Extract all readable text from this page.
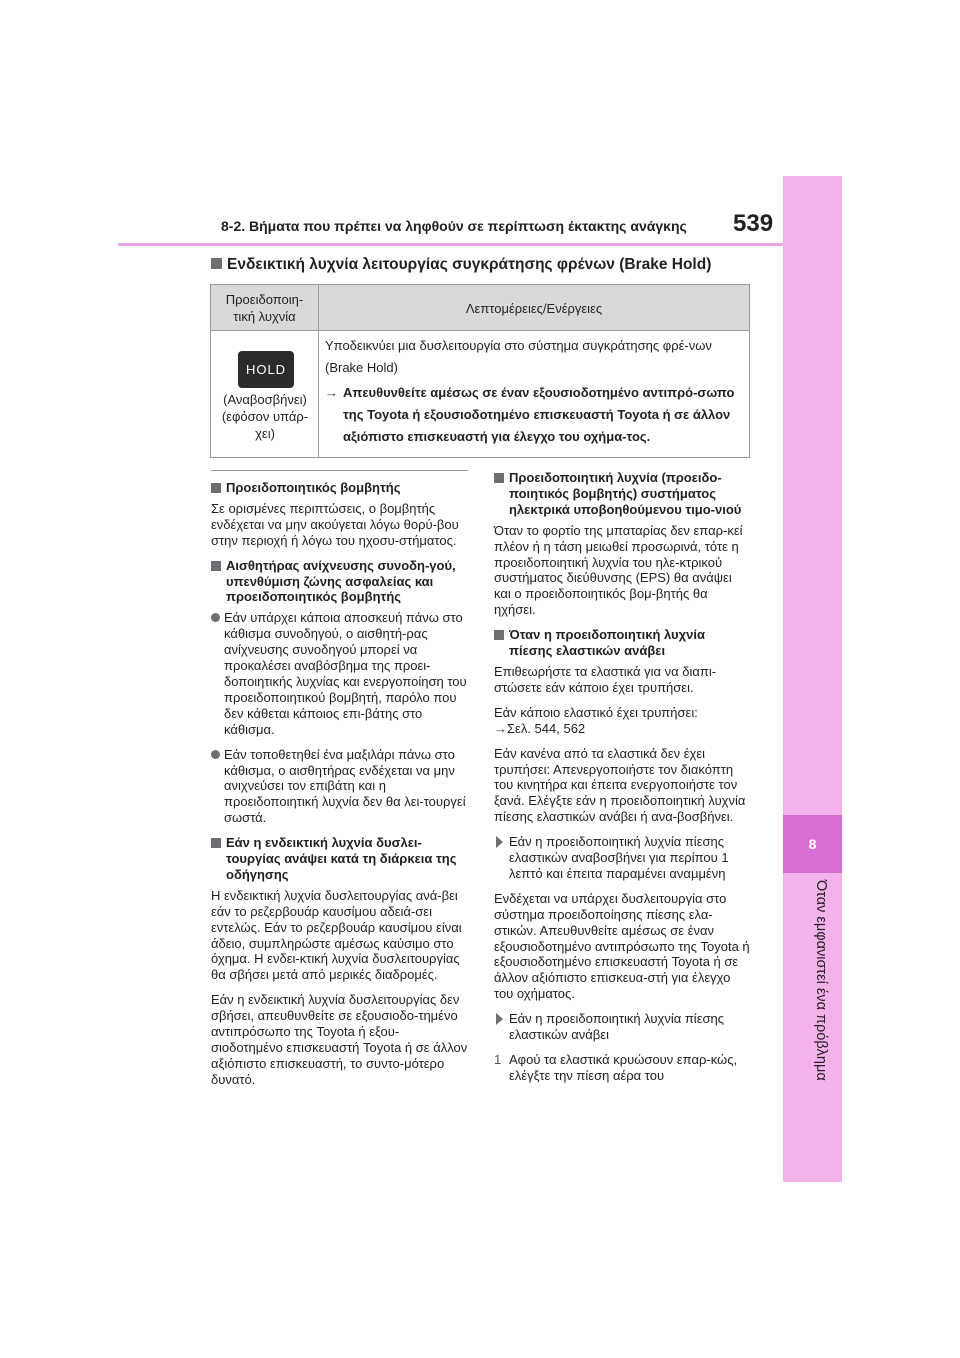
8
Όταν εμφανιστεί ένα πρόβλημα
8-2. Βήματα που πρέπει να ληφθούν σε περίπτωση έκτακτης ανάγκης 539
Ενδεικτική λυχνία λειτουργίας συγκράτησης φρένων (Brake Hold)
Προειδοποιη-τική λυχνία
Λεπτομέρειες/Ενέργειες
HOLD
(Αναβοσβήνει) (εφόσον υπάρ-χει)
Υποδεικνύει μια δυσλειτουργία στο σύστημα συγκράτησης φρέ-νων (Brake Hold)
→ Απευθυνθείτε αμέσως σε έναν εξουσιοδοτημένο αντιπρό-σωπο της Toyota ή εξουσιοδοτημένο επισκευαστή Toyota ή σε άλλον αξιόπιστο επισκευαστή για έλεγχο του οχήμα-τος.
Προειδοποιητικός βομβητής
Σε ορισμένες περιπτώσεις, ο βομβητής ενδέχεται να μην ακούγεται λόγω θορύ-βου στην περιοχή ή λόγω του ηχοσυ-στήματος.
Αισθητήρας ανίχνευσης συνοδη-γού, υπενθύμιση ζώνης ασφαλείας και προειδοποιητικός βομβητής
Εάν υπάρχει κάποια αποσκευή πάνω στο κάθισμα συνοδηγού, ο αισθητή-ρας ανίχνευσης συνοδηγού μπορεί να προκαλέσει αναβόσβημα της προει-δοποιητικής λυχνίας και ενεργοποίηση του προειδοποιητικού βομβητή, παρόλο που δεν κάθεται κάποιος επι-βάτης στο κάθισμα.
Εάν τοποθετηθεί ένα μαξιλάρι πάνω στο κάθισμα, ο αισθητήρας ενδέχεται να μην ανιχνεύσει τον επιβάτη και η προειδοποιητική λυχνία δεν θα λει-τουργεί σωστά.
Εάν η ενδεικτική λυχνία δυσλει-τουργίας ανάψει κατά τη διάρκεια της οδήγησης
Η ενδεικτική λυχνία δυσλειτουργίας ανά-βει εάν το ρεζερβουάρ καυσίμου αδειά-σει εντελώς. Εάν το ρεζερβουάρ καυσίμου είναι άδειο, συμπληρώστε αμέσως καύσιμο στο όχημα. Η ενδει-κτική λυχνία δυσλειτουργίας θα σβήσει μετά από μερικές διαδρομές.
Εάν η ενδεικτική λυχνία δυσλειτουργίας δεν σβήσει, απευθυνθείτε σε εξουσιοδο-τημένο αντιπρόσωπο της Toyota ή εξου-σιοδοτημένο επισκευαστή Toyota ή σε άλλον αξιόπιστο επισκευαστή, το συντο-μότερο δυνατό.
Προειδοποιητική λυχνία (προειδο-ποιητικός βομβητής) συστήματος ηλεκτρικά υποβοηθούμενου τιμο-νιού
Όταν το φορτίο της μπαταρίας δεν επαρ-κεί πλέον ή η τάση μειωθεί προσωρινά, τότε η προειδοποιητική λυχνία του ηλε-κτρικού συστήματος διεύθυνσης (EPS) θα ανάψει και ο προειδοποιητικός βομ-βητής θα ηχήσει.
Όταν η προειδοποιητική λυχνία πίεσης ελαστικών ανάβει
Επιθεωρήστε τα ελαστικά για να διαπι-στώσετε εάν κάποιο έχει τρυπήσει.
Εάν κάποιο ελαστικό έχει τρυπήσει:
→Σελ. 544, 562
Εάν κανένα από τα ελαστικά δεν έχει τρυπήσει: Απενεργοποιήστε τον διακόπτη του κινητήρα και έπειτα ενεργοποιήστε τον ξανά. Ελέγξτε εάν η προειδοποιητική λυχνία πίεσης ελαστικών ανάβει ή ανα-βοσβήνει.
Εάν η προειδοποιητική λυχνία πίεσης ελαστικών αναβοσβήνει για περίπου 1 λεπτό και έπειτα παραμένει αναμμένη
Ενδέχεται να υπάρχει δυσλειτουργία στο σύστημα προειδοποίησης πίεσης ελα-στικών. Απευθυνθείτε αμέσως σε έναν εξουσιοδοτημένο αντιπρόσωπο της Toyota ή εξουσιοδοτημένο επισκευαστή Toyota ή σε άλλον αξιόπιστο επισκευα-στή για έλεγχο του οχήματος.
Εάν η προειδοποιητική λυχνία πίεσης ελαστικών ανάβει
1 Αφού τα ελαστικά κρυώσουν επαρ-κώς, ελέγξτε την πίεση αέρα του
